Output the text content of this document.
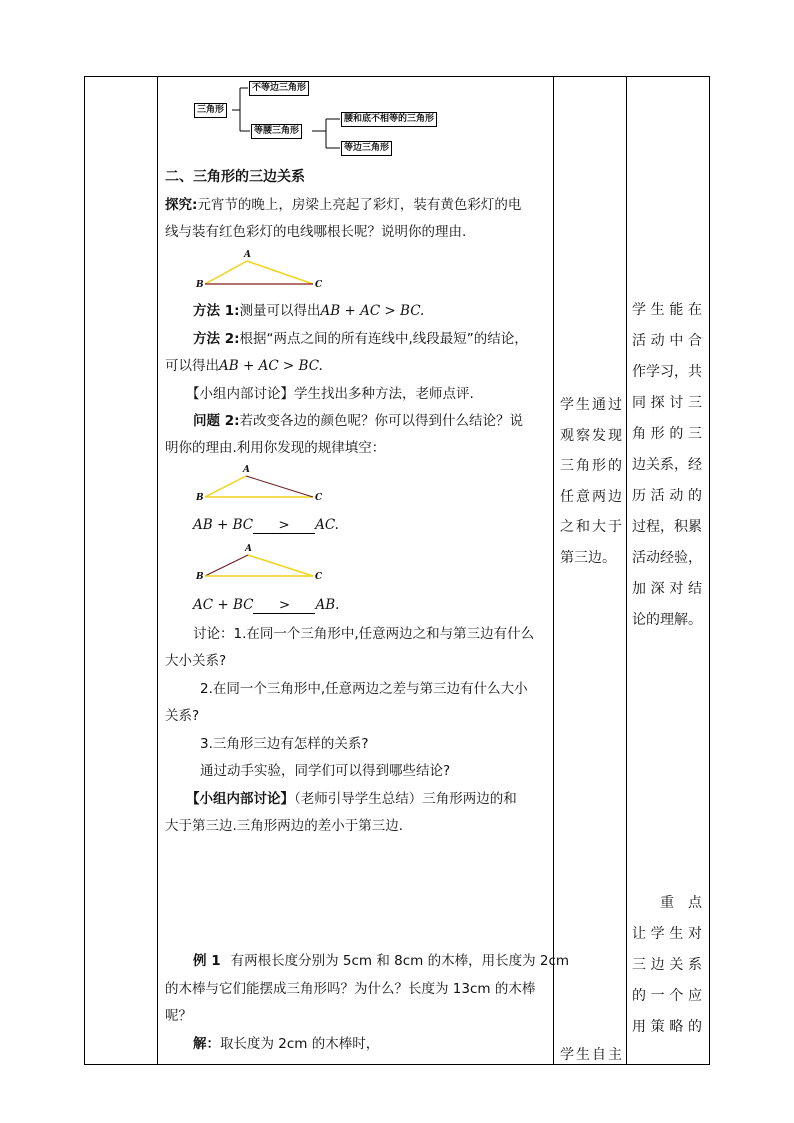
三角形
不等边三角形
等腰三角形
腰和底不相等的三角形
等边三角形
二、三角形的三边关系
探究:元宵节的晚上，房梁上亮起了彩灯，装有黄色彩灯的电
线与装有红色彩灯的电线哪根长呢？说明你的理由.
A
B	C
方法 1:测量可以得出AB + AC > BC.
方法 2:根据“两点之间的所有连线中,线段最短”的结论，
可以得出AB + AC > BC.
【小组内部讨论】学生找出多种方法，老师点评.
问题 2:若改变各边的颜色呢？你可以得到什么结论？说
明你的理由.利用你发现的规律填空：
A
B	C
AB + BC > AC.
A
B	C
AC + BC > AB.
讨论：1.在同一个三角形中,任意两边之和与第三边有什么
大小关系?
2.在同一个三角形中,任意两边之差与第三边有什么大小
关系?
3.三角形三边有怎样的关系?
通过动手实验，同学们可以得到哪些结论?
【小组内部讨论】（老师引导学生总结）三角形两边的和
大于第三边.三角形两边的差小于第三边.
例 1 有两根长度分别为 5cm 和 8cm 的木棒，用长度为 2cm
的木棒与它们能摆成三角形吗？为什么？长度为 13cm 的木棒
呢？
解：取长度为 2cm 的木棒时，
学生通过
观察发现
三角形的
任意两边
之和大于
第三边。
学生自主
学生能在
活动中合
作学习，共
同探讨三
角形的三
边关系，经
历活动的
过程，积累
活动经验，
加深对结
论的理解。
重　点
让学生对
三边关系
的一个应
用策略的
